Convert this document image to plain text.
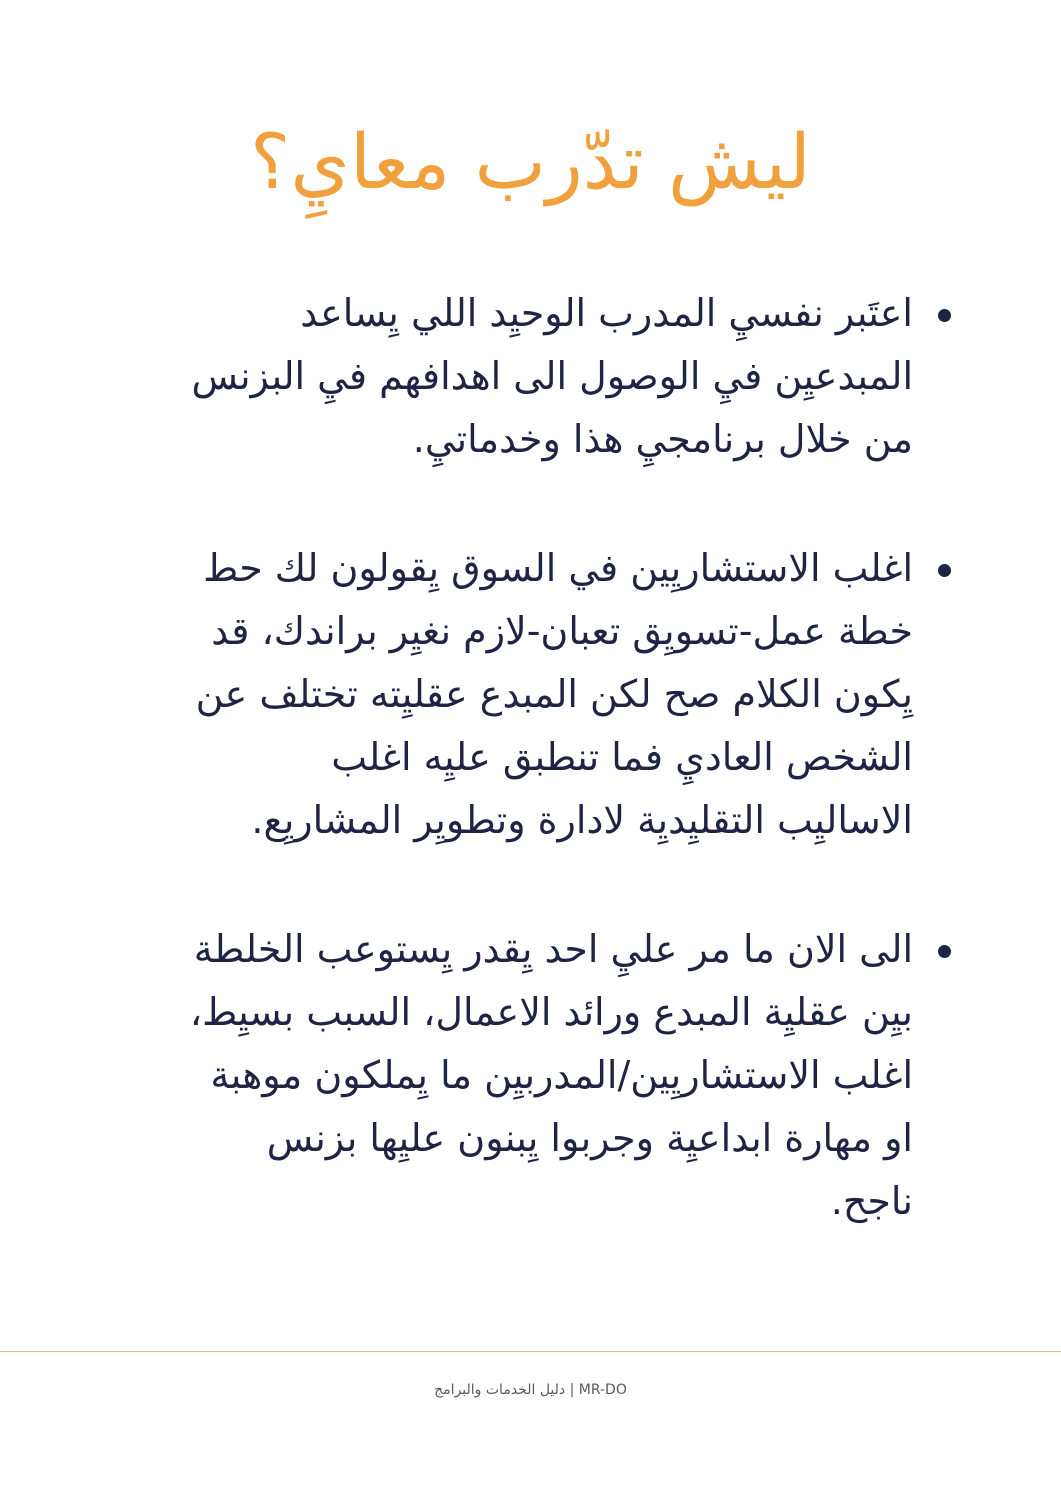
ليش تدّرب معايِ؟
اعتَبر نفسيِ المدرب الوحيِد اللي يِساعد
المبدعيِن فيِ الوصول الى اهدافهم فيِ البزنس
من خلال برنامجيِ هذا وخدماتيِ.
اغلب الاستشاريِين في السوق يِقولون لك حط
خطة عمل-تسويِق تعبان-لازم نغيِر براندك، قد
يِكون الكلام صح لكن المبدع عقليِته تختلف عن
الشخص العاديِ فما تنطبق عليِه اغلب
الاساليِب التقليِديِة لادارة وتطويِر المشاريِع.
الى الان ما مر عليِ احد يِقدر يِستوعب الخلطة
بيِن عقليِة المبدع ورائد الاعمال، السبب بسيِط،
اغلب الاستشاريِين/المدربيِن ما يِملكون موهبة
او مهارة ابداعيِة وجربوا يِبنون عليِها بزنس
ناجح.
MR-DO | دليل الخدمات والبرامج
